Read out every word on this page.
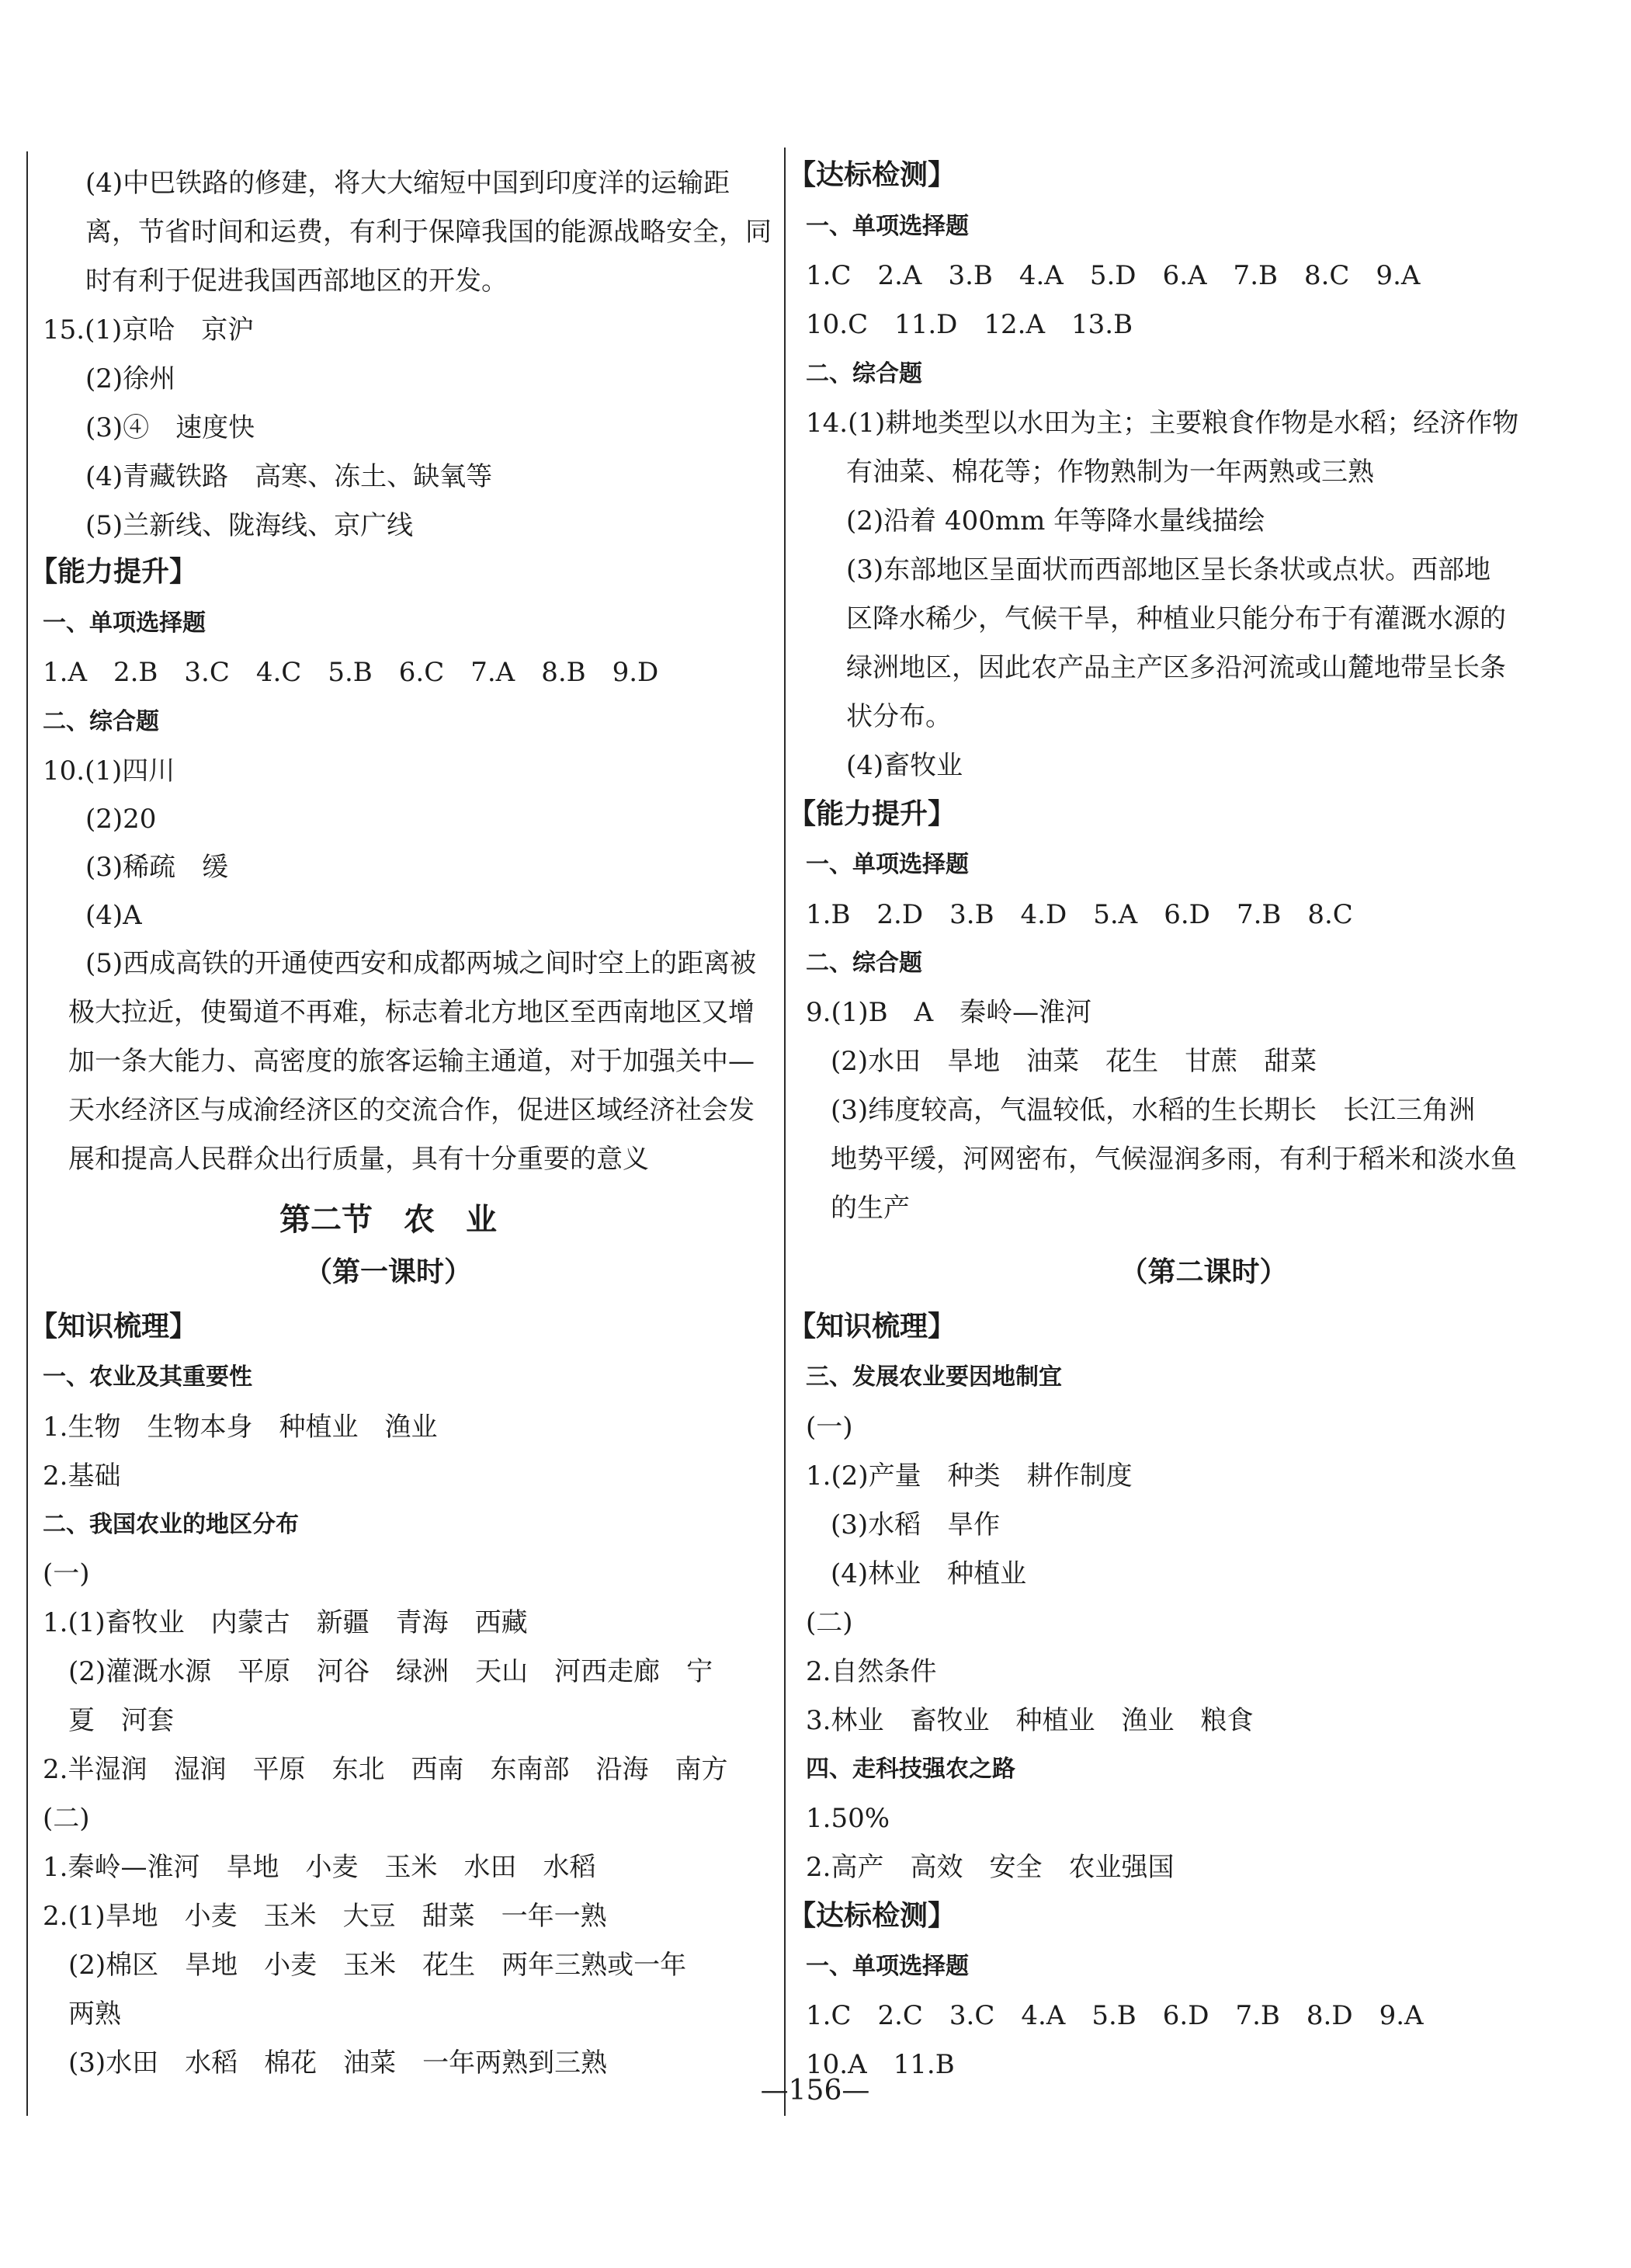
(4)中巴铁路的修建，将大大缩短中国到印度洋的运输距
离，节省时间和运费，有利于保障我国的能源战略安全，同
时有利于促进我国西部地区的开发。
15.(1)京哈　京沪
(2)徐州
(3)④　速度快
(4)青藏铁路　高寒、冻土、缺氧等
(5)兰新线、陇海线、京广线
【能力提升】
一、单项选择题
1.A　2.B　3.C　4.C　5.B　6.C　7.A　8.B　9.D
二、综合题
10.(1)四川
(2)20
(3)稀疏　缓
(4)A
(5)西成高铁的开通使西安和成都两城之间时空上的距离被
极大拉近，使蜀道不再难，标志着北方地区至西南地区又增
加一条大能力、高密度的旅客运输主通道，对于加强关中—
天水经济区与成渝经济区的交流合作，促进区域经济社会发
展和提高人民群众出行质量，具有十分重要的意义
第二节　农　业
（第一课时）
【知识梳理】
一、农业及其重要性
1.生物　生物本身　种植业　渔业
2.基础
二、我国农业的地区分布
(一)
1.(1)畜牧业　内蒙古　新疆　青海　西藏
(2)灌溉水源　平原　河谷　绿洲　天山　河西走廊　宁
夏　河套
2.半湿润　湿润　平原　东北　西南　东南部　沿海　南方
(二)
1.秦岭—淮河　旱地　小麦　玉米　水田　水稻
2.(1)旱地　小麦　玉米　大豆　甜菜　一年一熟
(2)棉区　旱地　小麦　玉米　花生　两年三熟或一年
两熟
(3)水田　水稻　棉花　油菜　一年两熟到三熟
【达标检测】
一、单项选择题
1.C　2.A　3.B　4.A　5.D　6.A　7.B　8.C　9.A
10.C　11.D　12.A　13.B
二、综合题
14.(1)耕地类型以水田为主；主要粮食作物是水稻；经济作物
有油菜、棉花等；作物熟制为一年两熟或三熟
(2)沿着 400mm 年等降水量线描绘
(3)东部地区呈面状而西部地区呈长条状或点状。西部地
区降水稀少，气候干旱，种植业只能分布于有灌溉水源的
绿洲地区，因此农产品主产区多沿河流或山麓地带呈长条
状分布。
(4)畜牧业
【能力提升】
一、单项选择题
1.B　2.D　3.B　4.D　5.A　6.D　7.B　8.C
二、综合题
9.(1)B　A　秦岭—淮河
(2)水田　旱地　油菜　花生　甘蔗　甜菜
(3)纬度较高，气温较低，水稻的生长期长　长江三角洲
地势平缓，河网密布，气候湿润多雨，有利于稻米和淡水鱼
的生产
（第二课时）
【知识梳理】
三、发展农业要因地制宜
(一)
1.(2)产量　种类　耕作制度
(3)水稻　旱作
(4)林业　种植业
(二)
2.自然条件
3.林业　畜牧业　种植业　渔业　粮食
四、走科技强农之路
1.50%
2.高产　高效　安全　农业强国
【达标检测】
一、单项选择题
1.C　2.C　3.C　4.A　5.B　6.D　7.B　8.D　9.A
10.A　11.B
—156—
